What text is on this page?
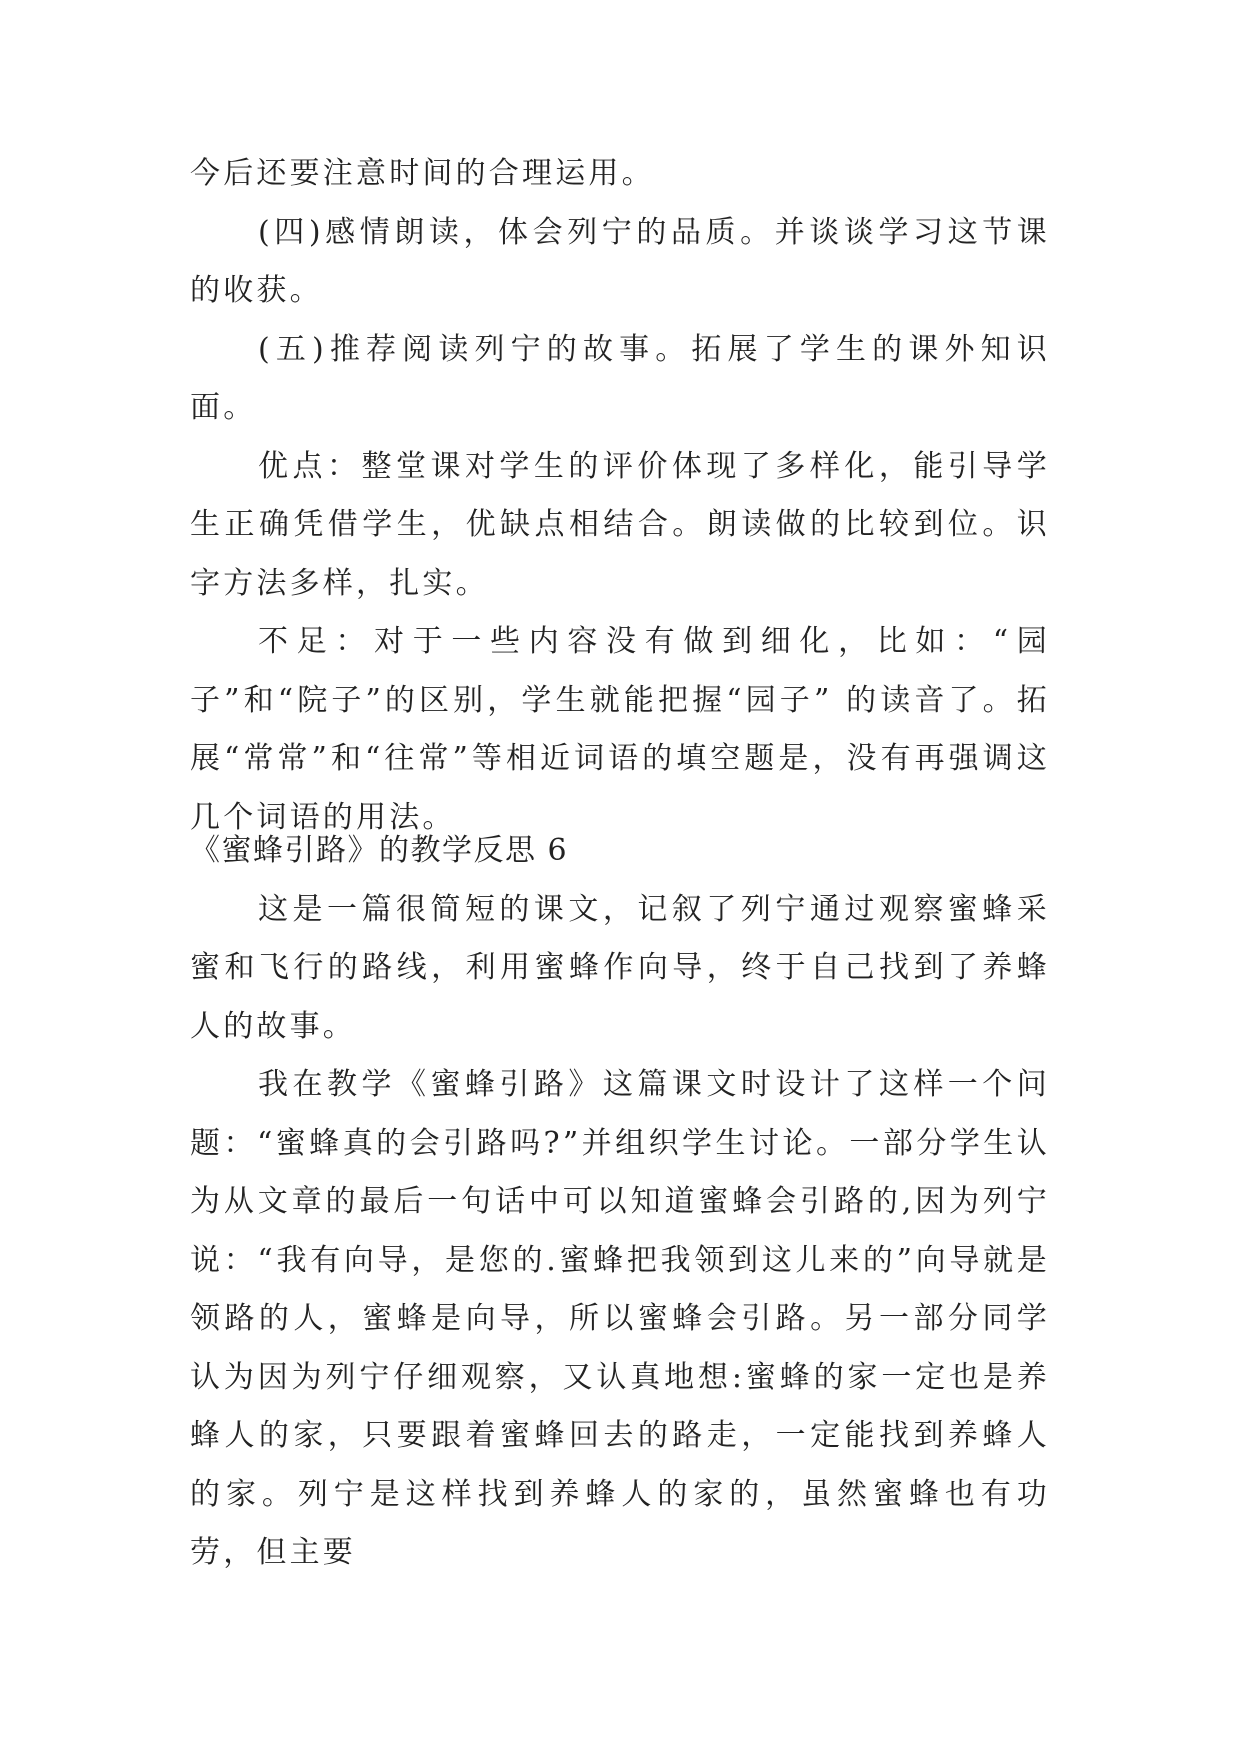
今后还要注意时间的合理运用。

(四)感情朗读，体会列宁的品质。并谈谈学习这节课的收获。

(五)推荐阅读列宁的故事。拓展了学生的课外知识面。

优点：整堂课对学生的评价体现了多样化，能引导学生正确凭借学生，优缺点相结合。朗读做的比较到位。识字方法多样，扎实。

不足：对于一些内容没有做到细化，比如：“园子”和“院子”的区别，学生就能把握“园子” 的读音了。拓展“常常”和“往常”等相近词语的填空题是，没有再强调这几个词语的用法。

《蜜蜂引路》的教学反思 6

这是一篇很简短的课文，记叙了列宁通过观察蜜蜂采蜜和飞行的路线，利用蜜蜂作向导，终于自己找到了养蜂人的故事。

我在教学《蜜蜂引路》这篇课文时设计了这样一个问题：“蜜蜂真的会引路吗?”并组织学生讨论。一部分学生认为从文章的最后一句话中可以知道蜜蜂会引路的,因为列宁说：“我有向导，是您的.蜜蜂把我领到这儿来的”向导就是领路的人，蜜蜂是向导，所以蜜蜂会引路。另一部分同学认为因为列宁仔细观察，又认真地想:蜜蜂的家一定也是养蜂人的家，只要跟着蜜蜂回去的路走，一定能找到养蜂人的家。列宁是这样找到养蜂人的家的，虽然蜜蜂也有功劳，但主要
